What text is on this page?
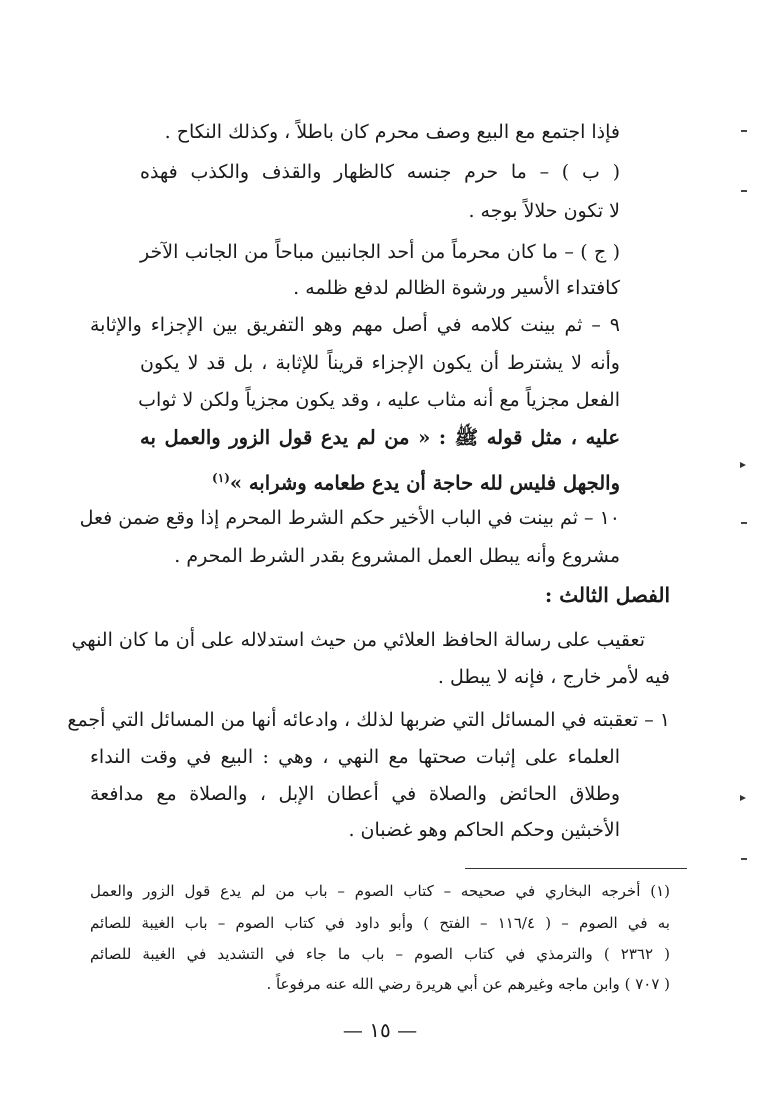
فإذا اجتمع مع البيع وصف محرم كان باطلاً ، وكذلك النكاح .
( ب ) – ما حرم جنسه كالظهار والقذف والكذب فهذه
لا تكون حلالاً بوجه .
( ج ) – ما كان محرماً من أحد الجانبين مباحاً من الجانب الآخر
كافتداء الأسير ورشوة الظالم لدفع ظلمه .
٩ – ثم بينت كلامه في أصل مهم وهو التفريق بين الإجزاء والإثابة
وأنه لا يشترط أن يكون الإجزاء قريناً للإثابة ، بل قد لا يكون
الفعل مجزياً مع أنه مثاب عليه ، وقد يكون مجزياً ولكن لا ثواب
عليه ، مثل قوله ﷺ : « من لم يدع قول الزور والعمل به
والجهل فليس لله حاجة أن يدع طعامه وشرابه »$^{(١)}$
١٠ – ثم بينت في الباب الأخير حكم الشرط المحرم إذا وقع ضمن فعل
مشروع وأنه يبطل العمل المشروع بقدر الشرط المحرم .
الفصل الثالث :
تعقيب على رسالة الحافظ العلائي من حيث استدلاله على أن ما كان النهي
فيه لأمر خارج ، فإنه لا يبطل .
١ – تعقبته في المسائل التي ضربها لذلك ، وادعائه أنها من المسائل التي أجمع
العلماء على إثبات صحتها مع النهي ، وهي : البيع في وقت النداء
وطلاق الحائض والصلاة في أعطان الإبل ، والصلاة مع مدافعة
الأخبثين وحكم الحاكم وهو غضبان .
(١) أخرجه البخاري في صحيحه – كتاب الصوم – باب من لم يدع قول الزور والعمل
به في الصوم – ( ١١٦/٤ – الفتح ) وأبو داود في كتاب الصوم – باب الغيبة للصائم
( ٢٣٦٢ ) والترمذي في كتاب الصوم – باب ما جاء في التشديد في الغيبة للصائم
( ٧٠٧ ) وابن ماجه وغيرهم عن أبي هريرة رضي الله عنه مرفوعاً .
— ١٥ —
